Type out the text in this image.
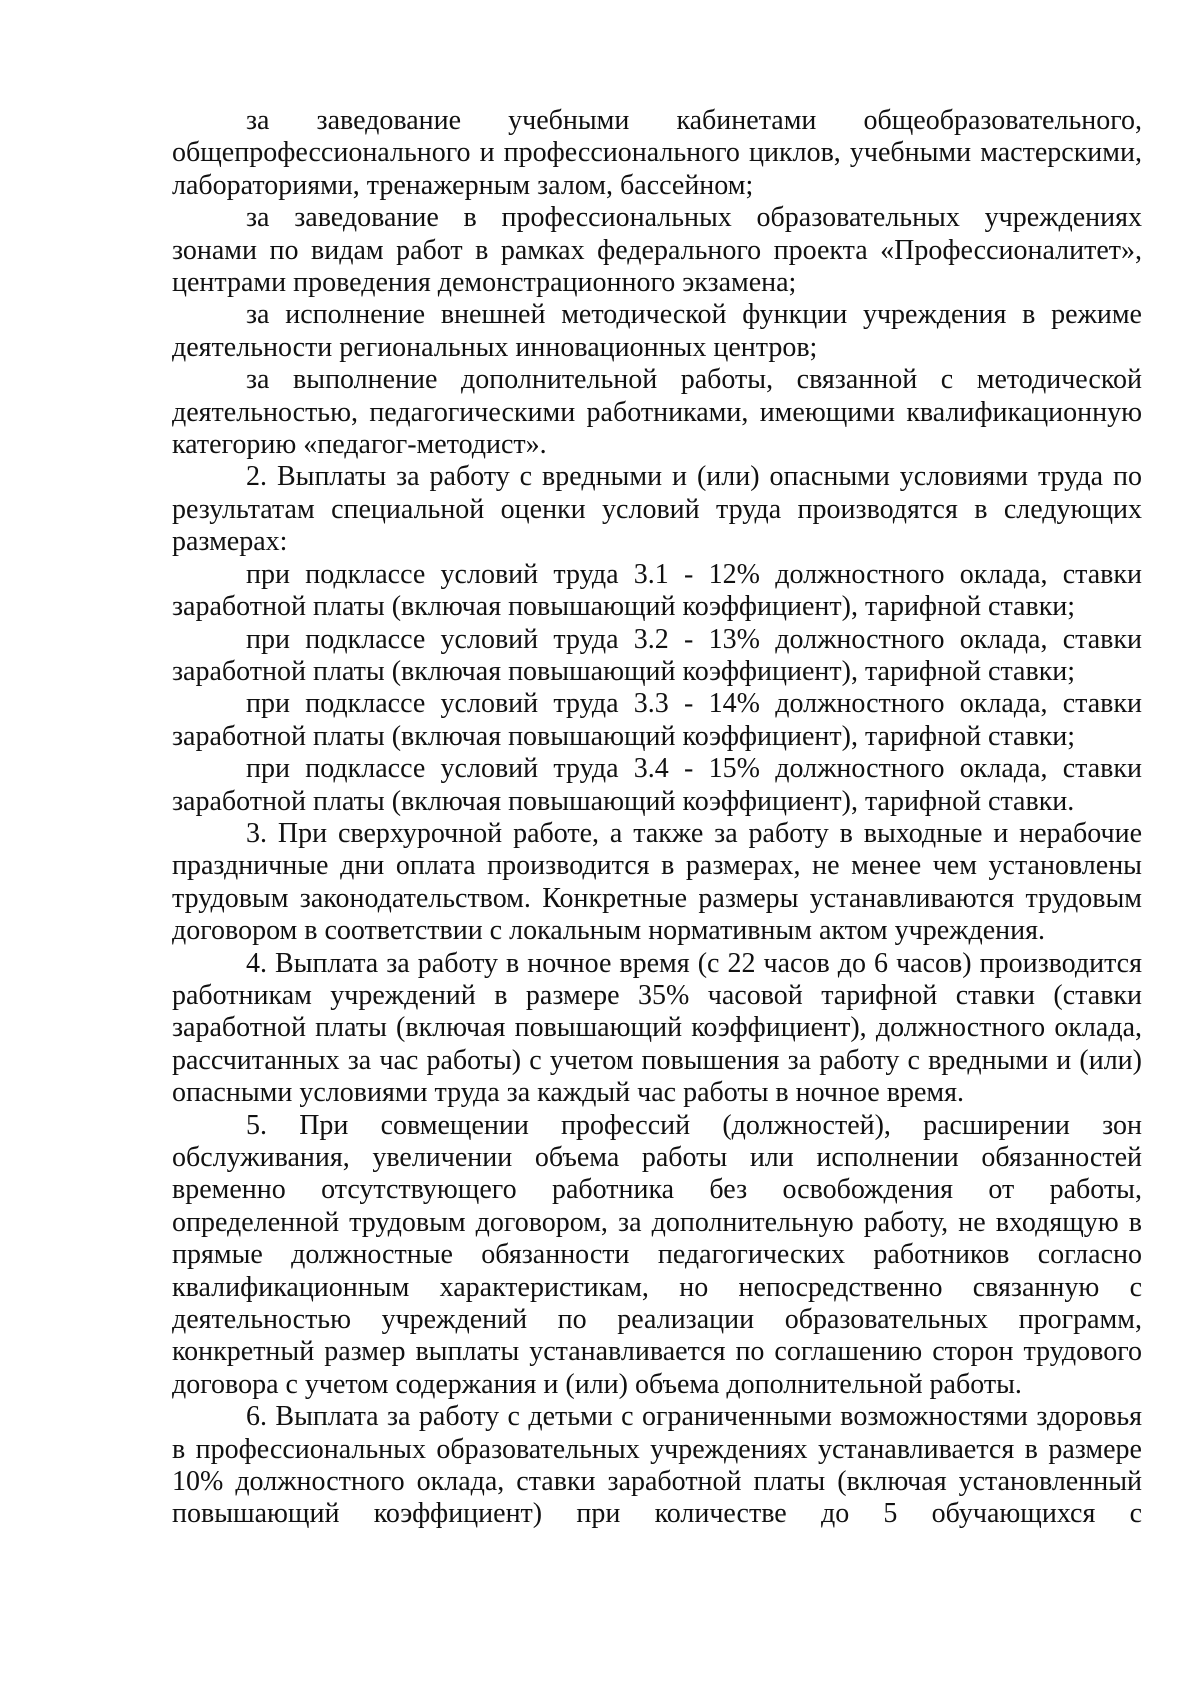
за заведование учебными кабинетами общеобразовательного, общепрофессионального и профессионального циклов, учебными мастерскими, лабораториями, тренажерным залом, бассейном;

за заведование в профессиональных образовательных учреждениях зонами по видам работ в рамках федерального проекта «Профессионалитет», центрами проведения демонстрационного экзамена;

за исполнение внешней методической функции учреждения в режиме деятельности региональных инновационных центров;

за выполнение дополнительной работы, связанной с методической деятельностью, педагогическими работниками, имеющими квалификационную категорию «педагог-методист».

2. Выплаты за работу с вредными и (или) опасными условиями труда по результатам специальной оценки условий труда производятся в следующих размерах:

при подклассе условий труда 3.1 - 12% должностного оклада, ставки заработной платы (включая повышающий коэффициент), тарифной ставки;

при подклассе условий труда 3.2 - 13% должностного оклада, ставки заработной платы (включая повышающий коэффициент), тарифной ставки;

при подклассе условий труда 3.3 - 14% должностного оклада, ставки заработной платы (включая повышающий коэффициент), тарифной ставки;

при подклассе условий труда 3.4 - 15% должностного оклада, ставки заработной платы (включая повышающий коэффициент), тарифной ставки.

3. При сверхурочной работе, а также за работу в выходные и нерабочие праздничные дни оплата производится в размерах, не менее чем установлены трудовым законодательством. Конкретные размеры устанавливаются трудовым договором в соответствии с локальным нормативным актом учреждения.

4. Выплата за работу в ночное время (с 22 часов до 6 часов) производится работникам учреждений в размере 35% часовой тарифной ставки (ставки заработной платы (включая повышающий коэффициент), должностного оклада, рассчитанных за час работы) с учетом повышения за работу с вредными и (или) опасными условиями труда за каждый час работы в ночное время.

5. При совмещении профессий (должностей), расширении зон обслуживания, увеличении объема работы или исполнении обязанностей временно отсутствующего работника без освобождения от работы, определенной трудовым договором, за дополнительную работу, не входящую в прямые должностные обязанности педагогических работников согласно квалификационным характеристикам, но непосредственно связанную с деятельностью учреждений по реализации образовательных программ, конкретный размер выплаты устанавливается по соглашению сторон трудового договора с учетом содержания и (или) объема дополнительной работы.

6. Выплата за работу с детьми с ограниченными возможностями здоровья в профессиональных образовательных учреждениях устанавливается в размере 10% должностного оклада, ставки заработной платы (включая установленный повышающий коэффициент) при количестве до 5 обучающихся с
